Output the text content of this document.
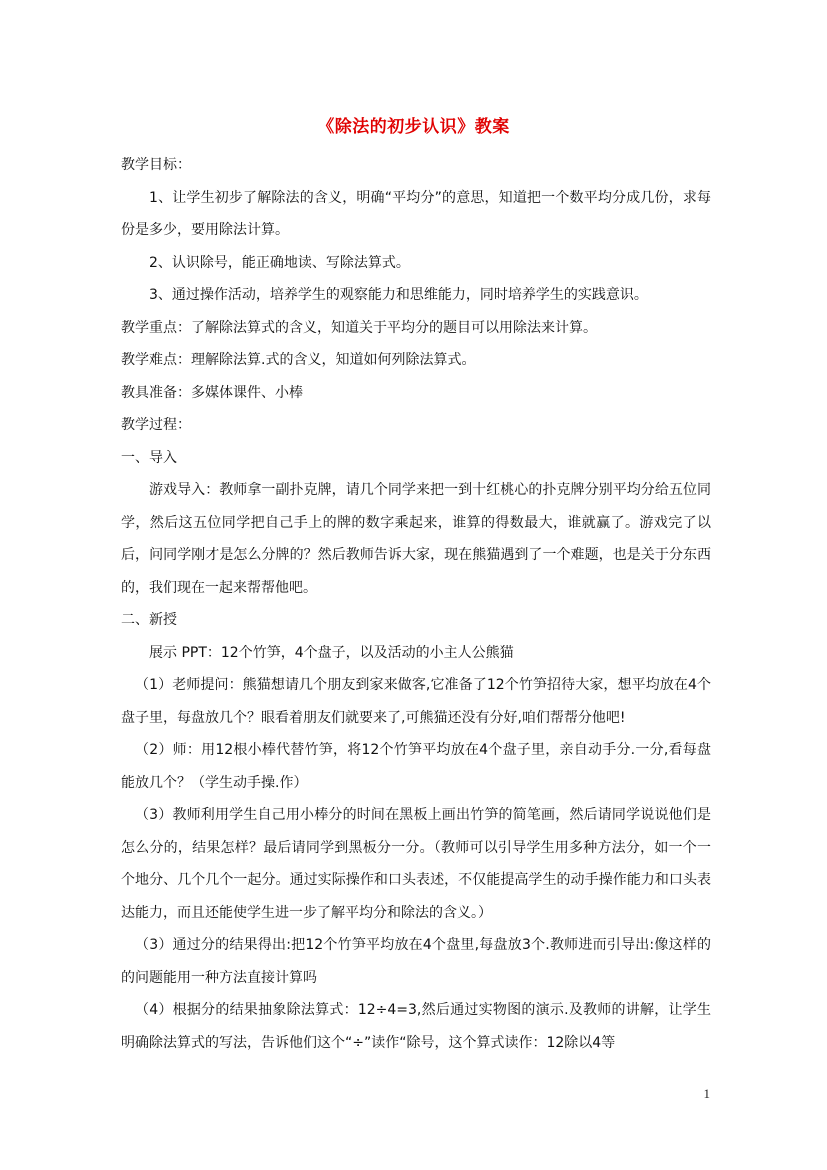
《除法的初步认识》教案

教学目标：

1、让学生初步了解除法的含义，明确“平均分”的意思，知道把一个数平均分成几份，求每份是多少，要用除法计算。

2、认识除号，能正确地读、写除法算式。

3、通过操作活动，培养学生的观察能力和思维能力，同时培养学生的实践意识。

教学重点：了解除法算式的含义，知道关于平均分的题目可以用除法来计算。

教学难点：理解除法算.式的含义，知道如何列除法算式。

教具准备：多媒体课件、小棒

教学过程：

一、导入

游戏导入：教师拿一副扑克牌，请几个同学来把一到十红桃心的扑克牌分别平均分给五位同学，然后这五位同学把自己手上的牌的数字乘起来，谁算的得数最大，谁就赢了。游戏完了以后，问同学刚才是怎么分牌的？然后教师告诉大家，现在熊猫遇到了一个难题，也是关于分东西的，我们现在一起来帮帮他吧。

二、新授

展示 PPT：12个竹笋，4个盘子，以及活动的小主人公熊猫

（1）老师提问：熊猫想请几个朋友到家来做客,它准备了12个竹笋招待大家，想平均放在4个盘子里，每盘放几个？眼看着朋友们就要来了,可熊猫还没有分好,咱们帮帮分他吧!

（2）师：用12根小棒代替竹笋，将12个竹笋平均放在4个盘子里，亲自动手分.一分,看每盘能放几个？（学生动手操.作）

（3）教师利用学生自己用小棒分的时间在黑板上画出竹笋的简笔画，然后请同学说说他们是怎么分的，结果怎样？最后请同学到黑板分一分。（教师可以引导学生用多种方法分，如一个一个地分、几个几个一起分。通过实际操作和口头表述，不仅能提高学生的动手操作能力和口头表达能力，而且还能使学生进一步了解平均分和除法的含义。）

（3）通过分的结果得出:把12个竹笋平均放在4个盘里,每盘放3个.教师进而引导出:像这样的的问题能用一种方法直接计算吗

（4）根据分的结果抽象除法算式：12÷4=3,然后通过实物图的演示.及教师的讲解，让学生明确除法算式的写法，告诉他们这个“÷”读作“除号，这个算式读作：12除以4等

1
